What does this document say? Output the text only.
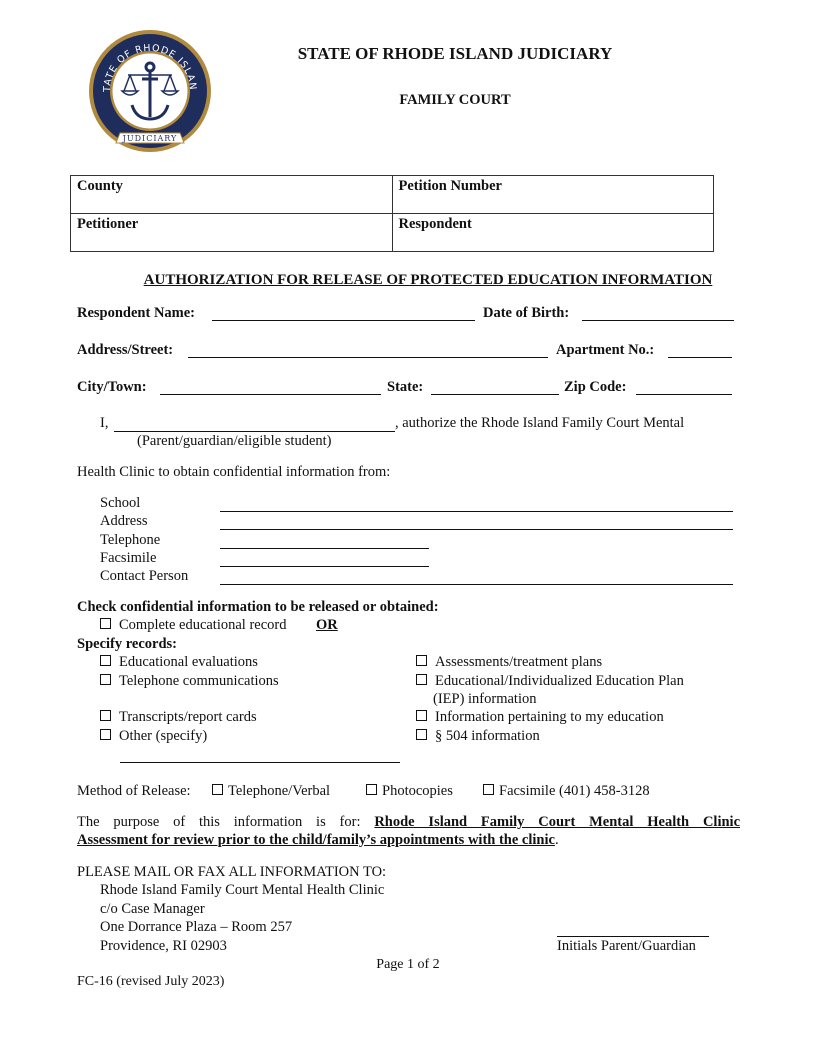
TATE OF RHODE ISLAN
JUDICIARY
STATE OF RHODE ISLAND JUDICIARY
FAMILY COURT
County	Petition Number
Petitioner	Respondent
AUTHORIZATION FOR RELEASE OF PROTECTED EDUCATION INFORMATION
Respondent Name:	Date of Birth:
Address/Street:	Apartment No.:
City/Town:	State:	Zip Code:
I,	, authorize the Rhode Island Family Court Mental
(Parent/guardian/eligible student)
Health Clinic to obtain confidential information from:
School
Address
Telephone
Facsimile
Contact Person
Check confidential information to be released or obtained:
Complete educational record OR
Specify records:
Educational evaluations
Telephone communications
Transcripts/report cards
Other (specify)
Assessments/treatment plans
Educational/Individualized Education Plan
(IEP) information
Information pertaining to my education
§ 504 information
Method of Release:	Telephone/Verbal	Photocopies	Facsimile (401) 458-3128
The purpose of this information is for: Rhode Island Family Court Mental Health Clinic
Assessment for review prior to the child/family’s appointments with the clinic.
PLEASE MAIL OR FAX ALL INFORMATION TO:
Rhode Island Family Court Mental Health Clinic
c/o Case Manager
One Dorrance Plaza – Room 257
Providence, RI 02903	Initials Parent/Guardian
Page 1 of 2
FC-16 (revised July 2023)
